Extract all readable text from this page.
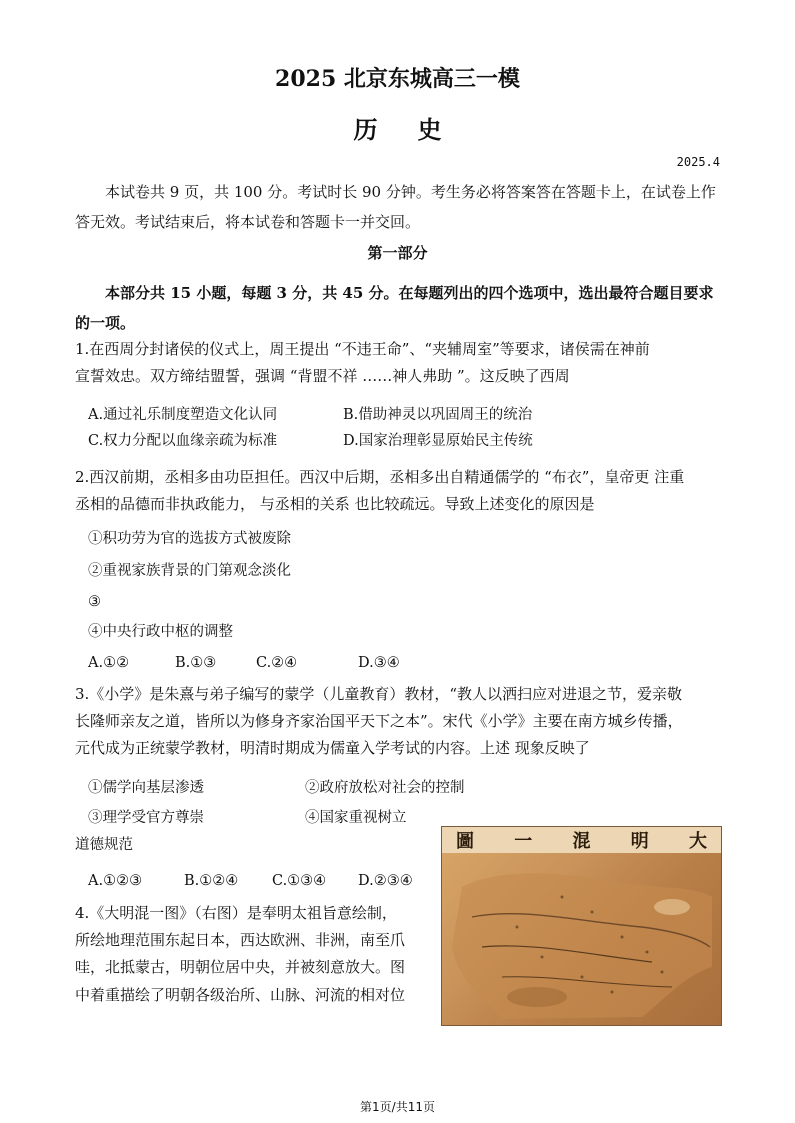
2025 北京东城高三一模
历史
2025.4
本试卷共 9 页，共 100 分。考试时长 90 分钟。考生务必将答案答在答题卡上，在试卷上作答无效。考试结束后，将本试卷和答题卡一并交回。
第一部分
本部分共 15 小题，每题 3 分，共 45 分。在每题列出的四个选项中，选出最符合题目要求的一项。
1.在西周分封诸侯的仪式上，周王提出 “不违王命”、“夹辅周室”等要求，诸侯需在神前
宣誓效忠。双方缔结盟誓，强调 “背盟不祥 ……神人弗助 ”。这反映了西周
A.通过礼乐制度塑造文化认同	B.借助神灵以巩固周王的统治
C.权力分配以血缘亲疏为标准	D.国家治理彰显原始民主传统
2.西汉前期，丞相多由功臣担任。西汉中后期，丞相多出自精通儒学的 “布衣”，皇帝更 注重
丞相的品德而非执政能力， 与丞相的关系 也比较疏远。导致上述变化的原因是
①积功劳为官的选拔方式被废除
②重视家族背景的门第观念淡化
③
④中央行政中枢的调整
A.①②	B.①③	C.②④	D.③④
3.《小学》是朱熹与弟子编写的蒙学（儿童教育）教材，“教人以洒扫应对进退之节，爱亲敬
长隆师亲友之道，皆所以为修身齐家治国平天下之本”。宋代《小学》主要在南方城乡传播，
元代成为正统蒙学教材，明清时期成为儒童入学考试的内容。上述 现象反映了
①儒学向基层渗透	②政府放松对社会的控制
③理学受官方尊崇	④国家重视树立
道德规范
A.①②③	B.①②④ C.①③④ D.②③④
4.《大明混一图》（右图）是奉明太祖旨意绘制，
所绘地理范围东起日本，西达欧洲、非洲，南至爪
哇，北抵蒙古，明朝位居中央，并被刻意放大。图
中着重描绘了明朝各级治所、山脉、河流的相对位
圖 一 混 明 大
第1页/共11页
